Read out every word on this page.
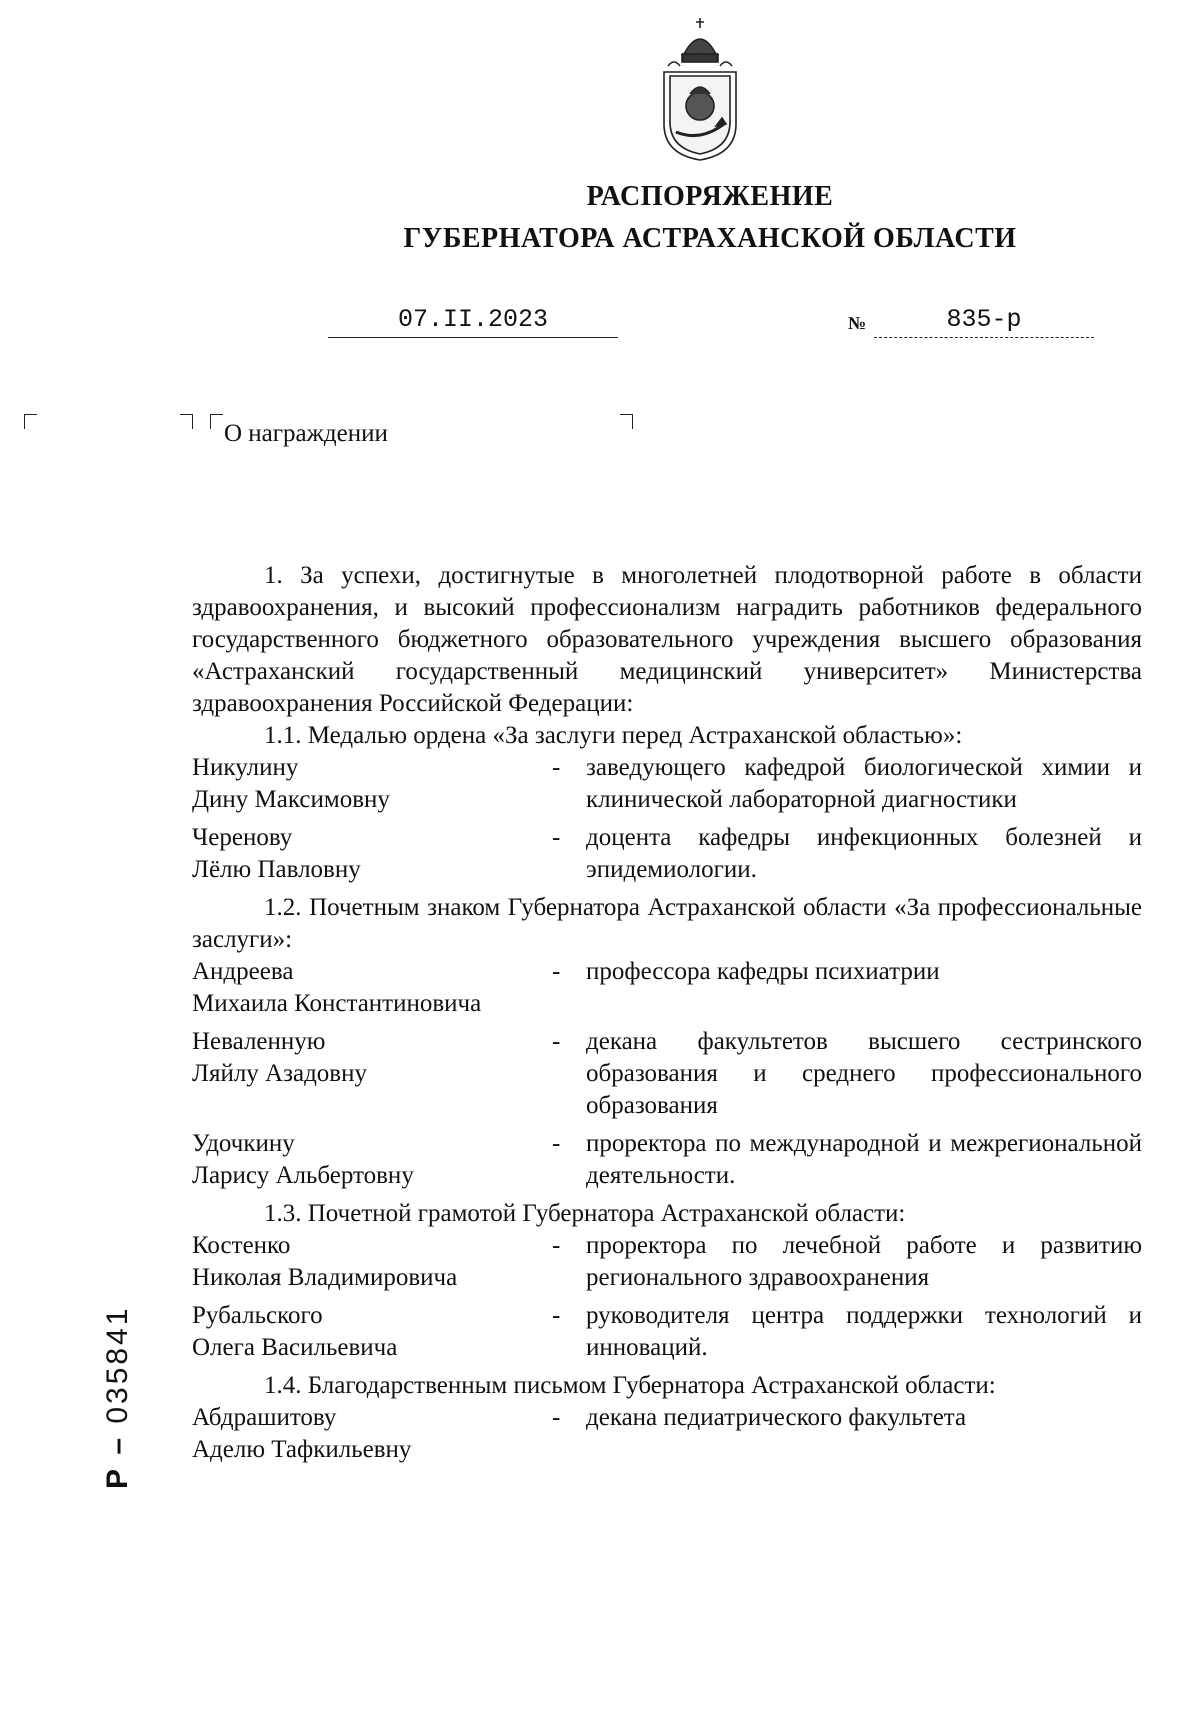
РАСПОРЯЖЕНИЕ
ГУБЕРНАТОРА АСТРАХАНСКОЙ ОБЛАСТИ
07.II.2023	№	835-р
О награждении

1. За успехи, достигнутые в многолетней плодотворной работе в области здравоохранения, и высокий профессионализм наградить работников федерального государственного бюджетного образовательного учреждения высшего образования «Астраханский государственный медицинский университет» Министерства здравоохранения Российской Федерации:

1.1. Медалью ордена «За заслуги перед Астраханской областью»:

Никулину
Дину Максимовну
-	заведующего кафедрой биологической химии и клинической лабораторной диагностики
Черенову
Лёлю Павловну
-	доцента кафедры инфекционных болезней и эпидемиологии.

1.2. Почетным знаком Губернатора Астраханской области «За профессиональные заслуги»:

Андреева
Михаила Константиновича
-	профессора кафедры психиатрии
Неваленную
Ляйлу Азадовну
-	декана факультетов высшего сестринского образования и среднего профессионального образования
Удочкину
Ларису Альбертовну
-	проректора по международной и межрегиональной деятельности.

1.3. Почетной грамотой Губернатора Астраханской области:

Костенко
Николая Владимировича
-	проректора по лечебной работе и развитию регионального здравоохранения
Рубальского
Олега Васильевича
-	руководителя центра поддержки технологий и инноваций.

1.4. Благодарственным письмом Губернатора Астраханской области:

Абдрашитову
Аделю Тафкильевну
-	декана педиатрического факультета
Р – 035841
